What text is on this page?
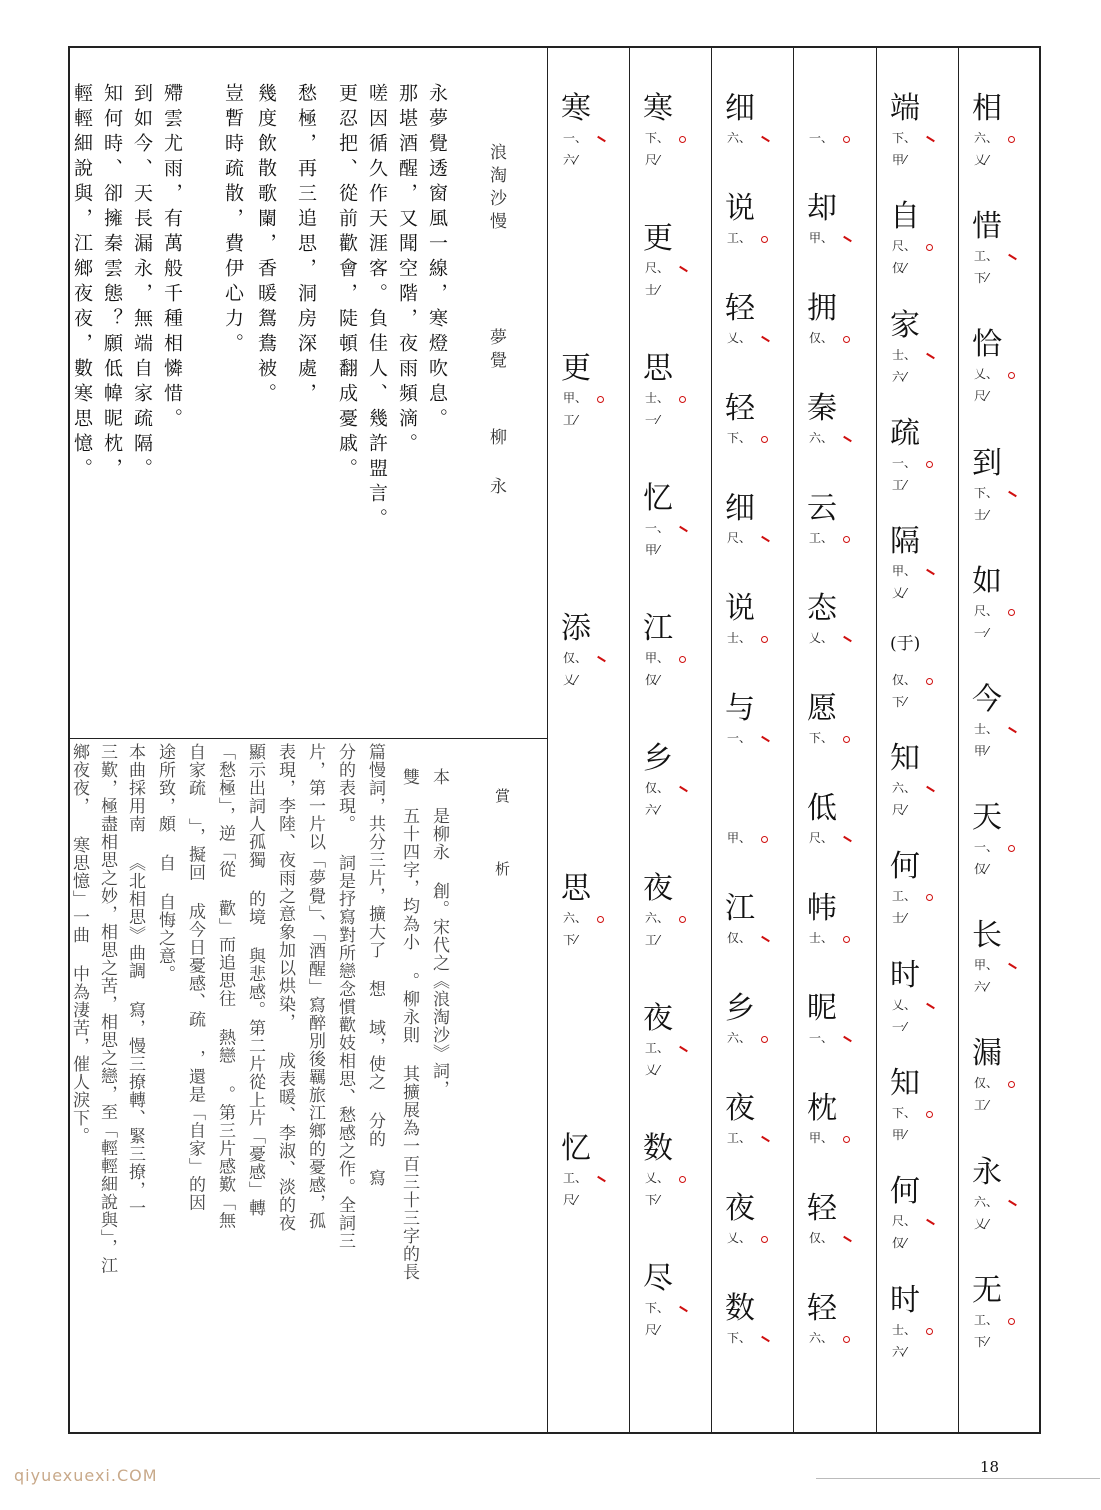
浪淘沙慢
夢覺
柳 永
永夢覺透窗風一線，寒燈吹息。
那堪酒醒，又聞空階，夜雨頻滴。
嗟因循久作天涯客。負佳人、幾許盟言。
更忍把、從前歡會，陡頓翻成憂戚。
愁極，再三追思，洞房深處，
幾度飲散歌闌，香暖鴛鴦被。
豈暫時疏散，費伊心力。
殢雲尤雨，有萬般千種相憐惜。
到如今、天長漏永，無端自家疏隔。
知何時、卻擁秦雲態？願低幃昵枕，
輕輕細說與，江鄉夜夜，數寒思憶。
賞 析
本 是柳永 創。宋代之《浪淘沙》詞，
雙 五十四字，均為小 。柳永則 其擴展為一百三十三字的長
篇慢詞，共分三片，擴大了 想 域，使之 分的 寫
分的表現。 詞是抒寫對所戀念慣歡妓相思、愁感之作。全詞三
片，第一片以「夢覺」、「酒醒」寫醉別後羈旅江鄉的憂感，孤
表現，李陸、夜雨之意象加以烘染， 成表暖、李淑、淡的夜
顯示出詞人孤獨 的境 與悲感。第二片從上片「憂感」轉
「愁極」，逆「從 歡」而追思往 熱戀 。第三片感歎「無
自家疏 」，擬回 成今日憂感、疏 ，還是「自家」的因
途所致，頗 自 自悔之意。
本曲採用南 《北相思》曲調 寫，慢三撩轉、緊三撩，一
三歎，極盡相思之妙，相思之苦，相思之戀，至「輕輕細說與」，江
鄉夜夜， 寒思憶」一曲 中為淒苦，催人淚下。
相
六、
乂⁄
惜
工、
下⁄
恰
乂、
尺⁄
到
下、
士⁄
如
尺、
一⁄
今
士、
甲⁄
天
一、
仅⁄
长
甲、
六⁄
漏
仅、
工⁄
永
六、
乂⁄
无
工、
下⁄
端
下、
甲⁄
自
尺、
仅⁄
家
士、
六⁄
疏
一、
工⁄
隔
甲、
乂⁄
(于)
仅、
下⁄
知
六、
尺⁄
何
工、
士⁄
时
乂、
一⁄
知
下、
甲⁄
何
尺、
仅⁄
时
士、
六⁄
一、
却
甲、
拥
仅、
秦
六、
云
工、
态
乂、
愿
下、
低
尺、
帏
士、
昵
一、
枕
甲、
轻
仅、
轻
六、
细
六、
说
工、
轻
乂、
轻
下、
细
尺、
说
士、
与
一、
甲、
江
仅、
乡
六、
夜
工、
夜
乂、
数
下、
寒
下、
尺⁄
更
尺、
士⁄
思
士、
一⁄
忆
一、
甲⁄
江
甲、
仅⁄
乡
仅、
六⁄
夜
六、
工⁄
夜
工、
乂⁄
数
乂、
下⁄
尽
下、
尺⁄
寒
一、
六⁄
更
甲、
工⁄
添
仅、
乂⁄
思
六、
下⁄
忆
工、
尺⁄
qiyuexuexi.COM	18
